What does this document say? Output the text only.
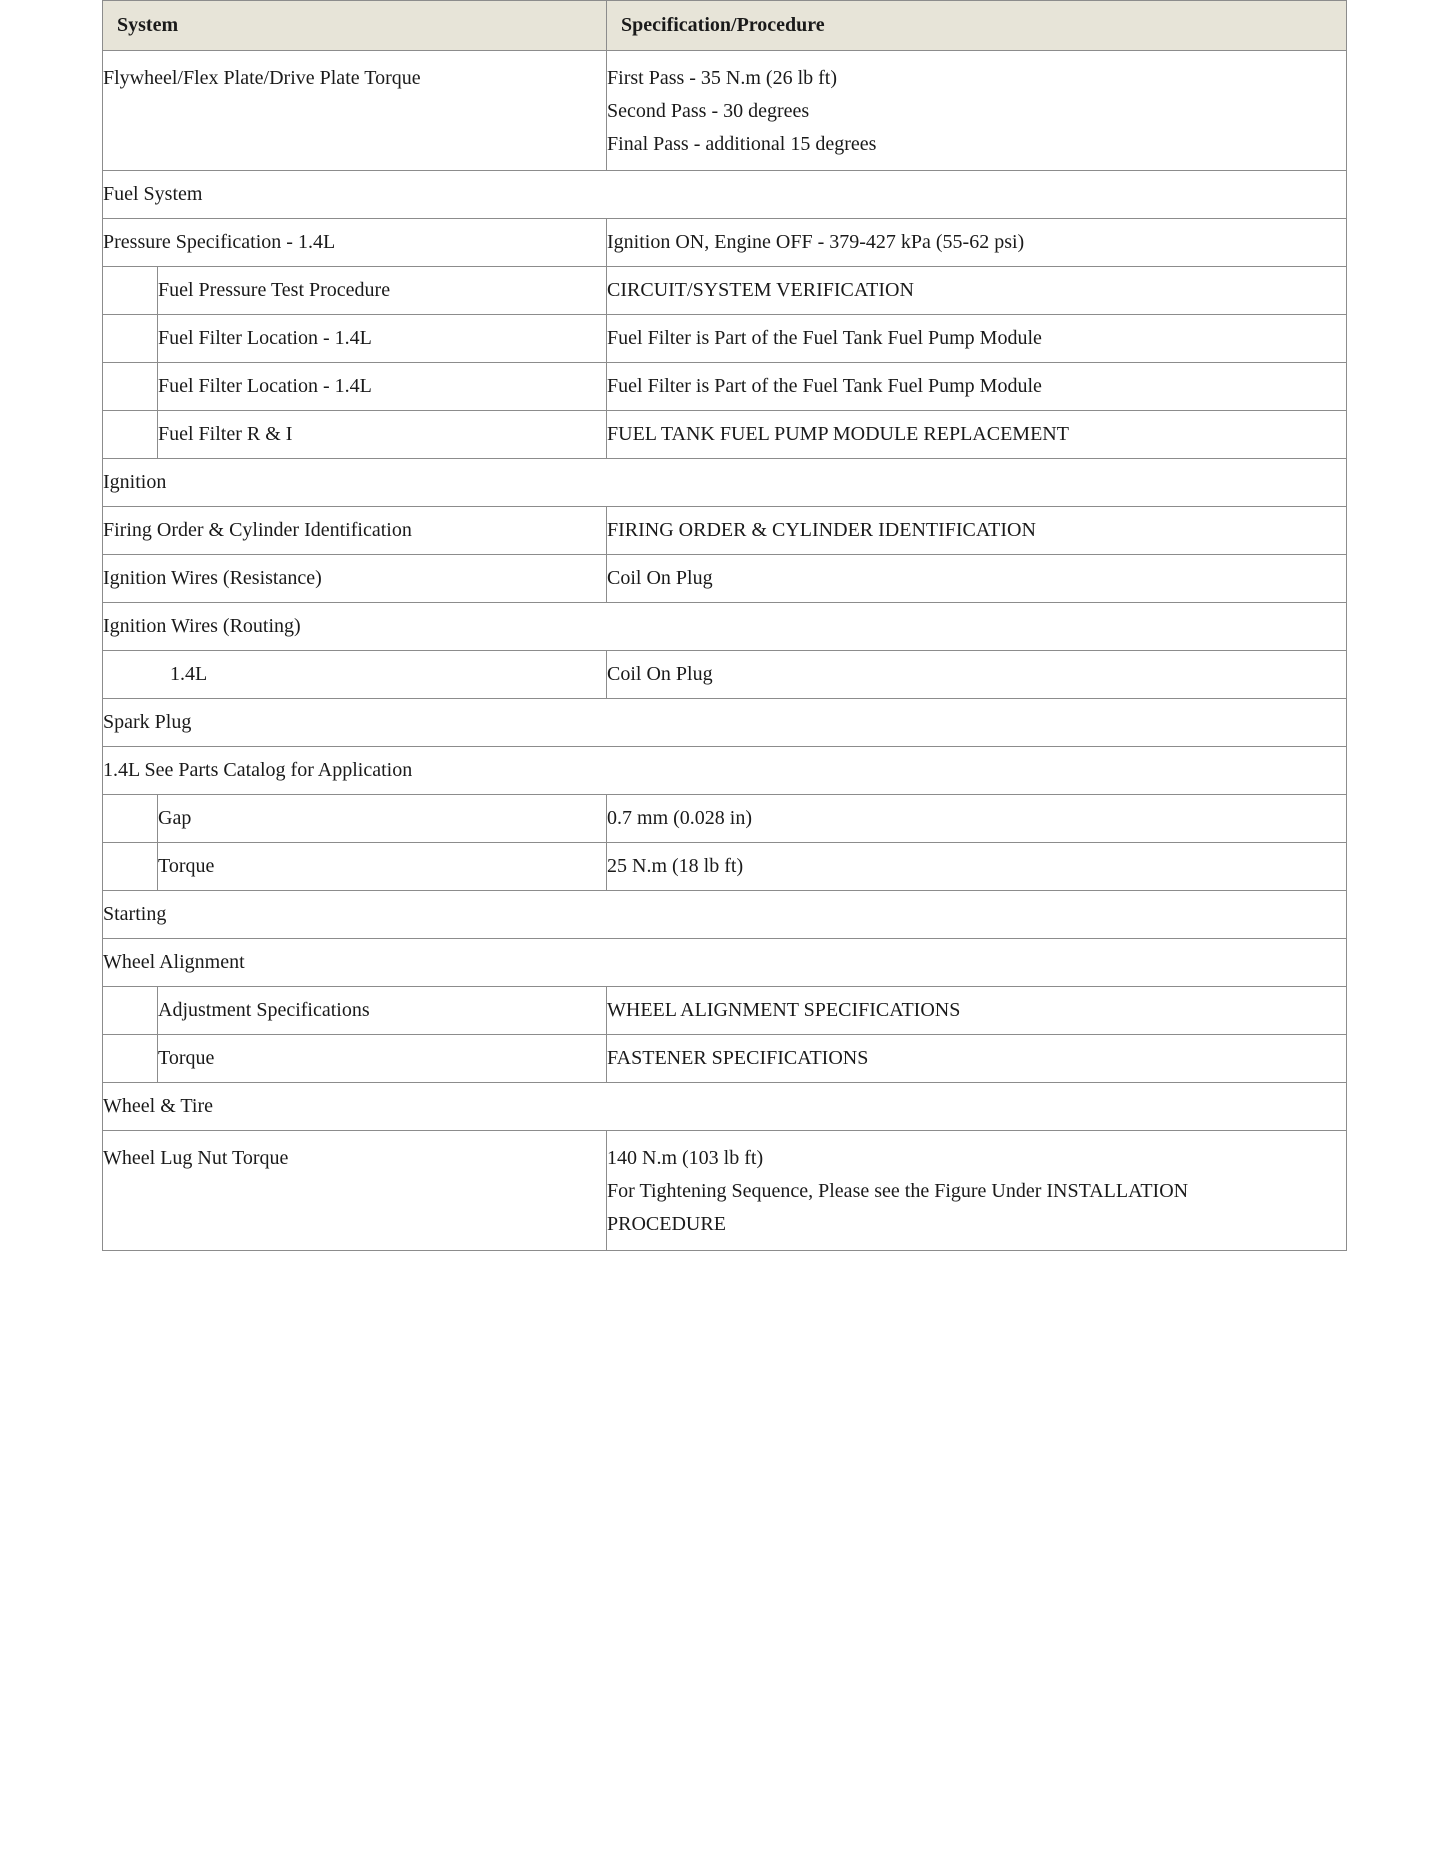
System		Specification/Procedure

Flywheel/Flex Plate/Drive Plate Torque		First Pass - 35 N.m (26 lb ft)
Second Pass - 30 degrees
Final Pass - additional 15 degrees

Fuel System		
Pressure Specification - 1.4L		Ignition ON, Engine OFF - 379-427 kPa (55-62 psi)
	Fuel Pressure Test Procedure	CIRCUIT/SYSTEM VERIFICATION
	Fuel Filter Location - 1.4L	Fuel Filter is Part of the Fuel Tank Fuel Pump Module
	Fuel Filter Location - 1.4L	Fuel Filter is Part of the Fuel Tank Fuel Pump Module
	Fuel Filter R & I	FUEL TANK FUEL PUMP MODULE REPLACEMENT
Ignition		
Firing Order & Cylinder Identification		FIRING ORDER & CYLINDER IDENTIFICATION
Ignition Wires (Resistance)		Coil On Plug
Ignition Wires (Routing)		
1.4L		Coil On Plug
Spark Plug		
1.4L See Parts Catalog for Application		
	Gap	0.7 mm (0.028 in)
	Torque	25 N.m (18 lb ft)
Starting		
Wheel Alignment		
	Adjustment Specifications	WHEEL ALIGNMENT SPECIFICATIONS
	Torque	FASTENER SPECIFICATIONS
Wheel & Tire		

Wheel Lug Nut Torque		140 N.m (103 lb ft)
For Tightening Sequence, Please see the Figure Under INSTALLATION
PROCEDURE
